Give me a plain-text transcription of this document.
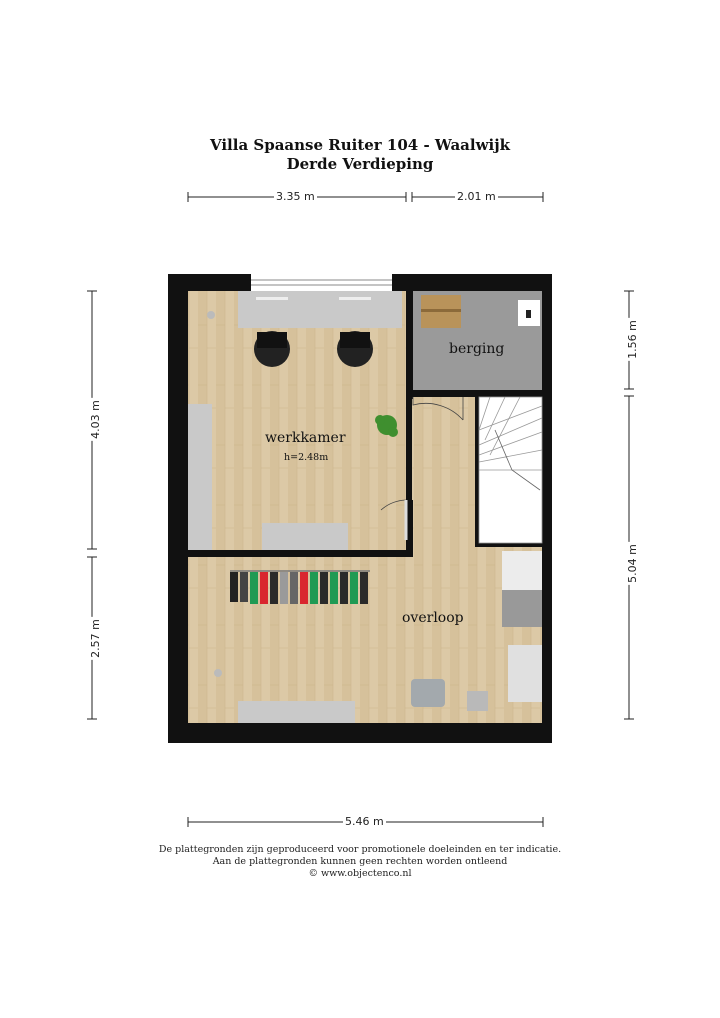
Villa Spaanse Ruiter 104 - Waalwijk
Derde Verdieping
3.35 m	2.01 m
4.03 m
2.57 m
1.56 m
5.04 m
5.46 m
werkkamer
h=2.48m
berging
overloop
De plattegronden zijn geproduceerd voor promotionele doeleinden en ter indicatie.
Aan de plattegronden kunnen geen rechten worden ontleend
© www.objectenco.nl
